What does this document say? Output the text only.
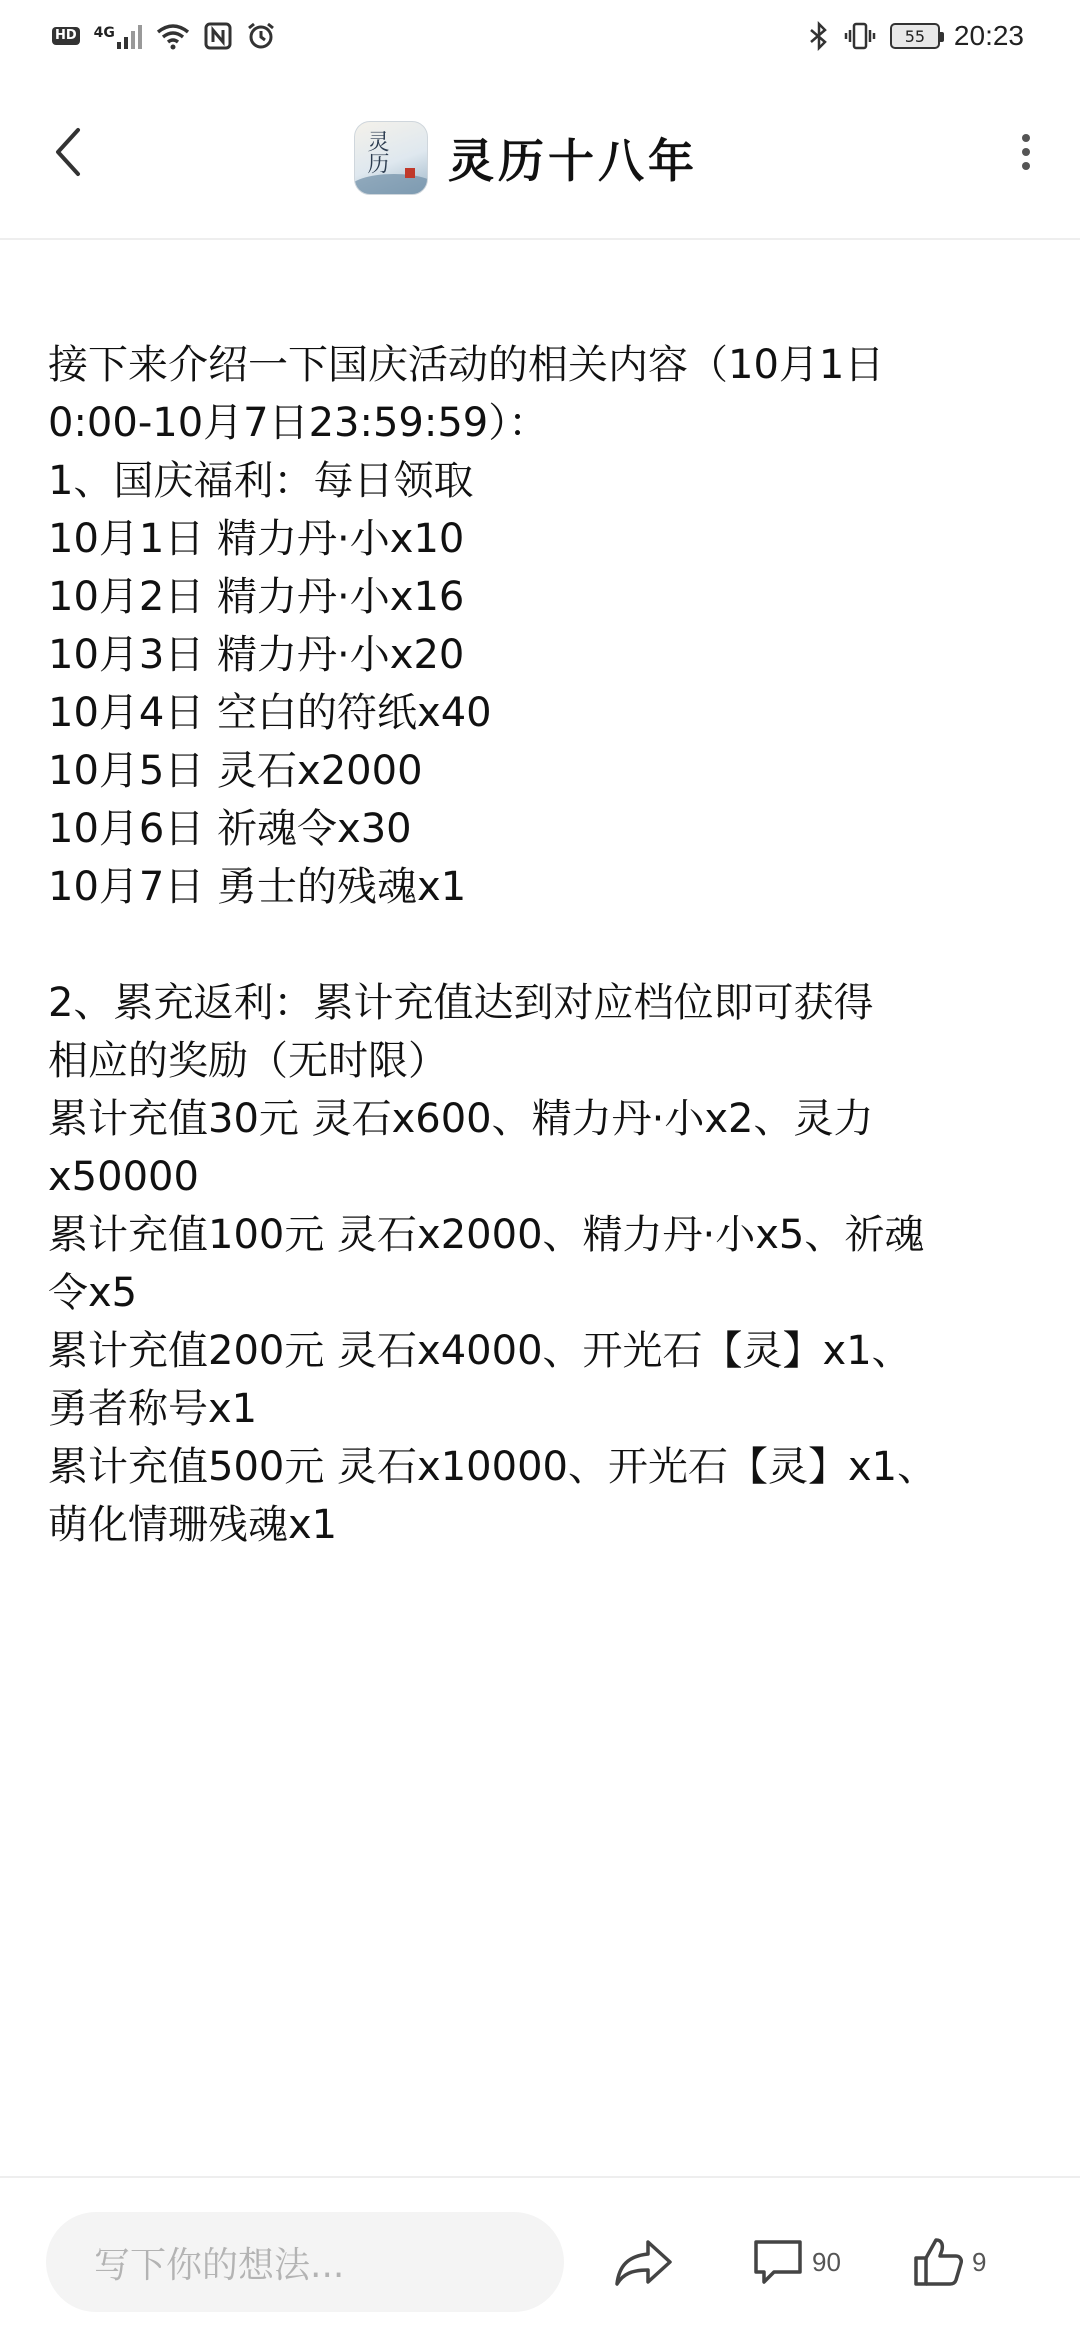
HD 4G	55 20:23
灵历 灵历十八年
接下来介绍一下国庆活动的相关内容（10月1日
0:00-10月7日23:59:59）：
1、国庆福利：每日领取
10月1日 精力丹·小x10
10月2日 精力丹·小x16
10月3日 精力丹·小x20
10月4日 空白的符纸x40
10月5日 灵石x2000
10月6日 祈魂令x30
10月7日 勇士的残魂x1
2、累充返利：累计充值达到对应档位即可获得
相应的奖励（无时限）
累计充值30元 灵石x600、精力丹·小x2、灵力
x50000
累计充值100元 灵石x2000、精力丹·小x5、祈魂
令x5
累计充值200元 灵石x4000、开光石【灵】x1、
勇者称号x1
累计充值500元 灵石x10000、开光石【灵】x1、
萌化情珊残魂x1
写下你的想法...	90	9
